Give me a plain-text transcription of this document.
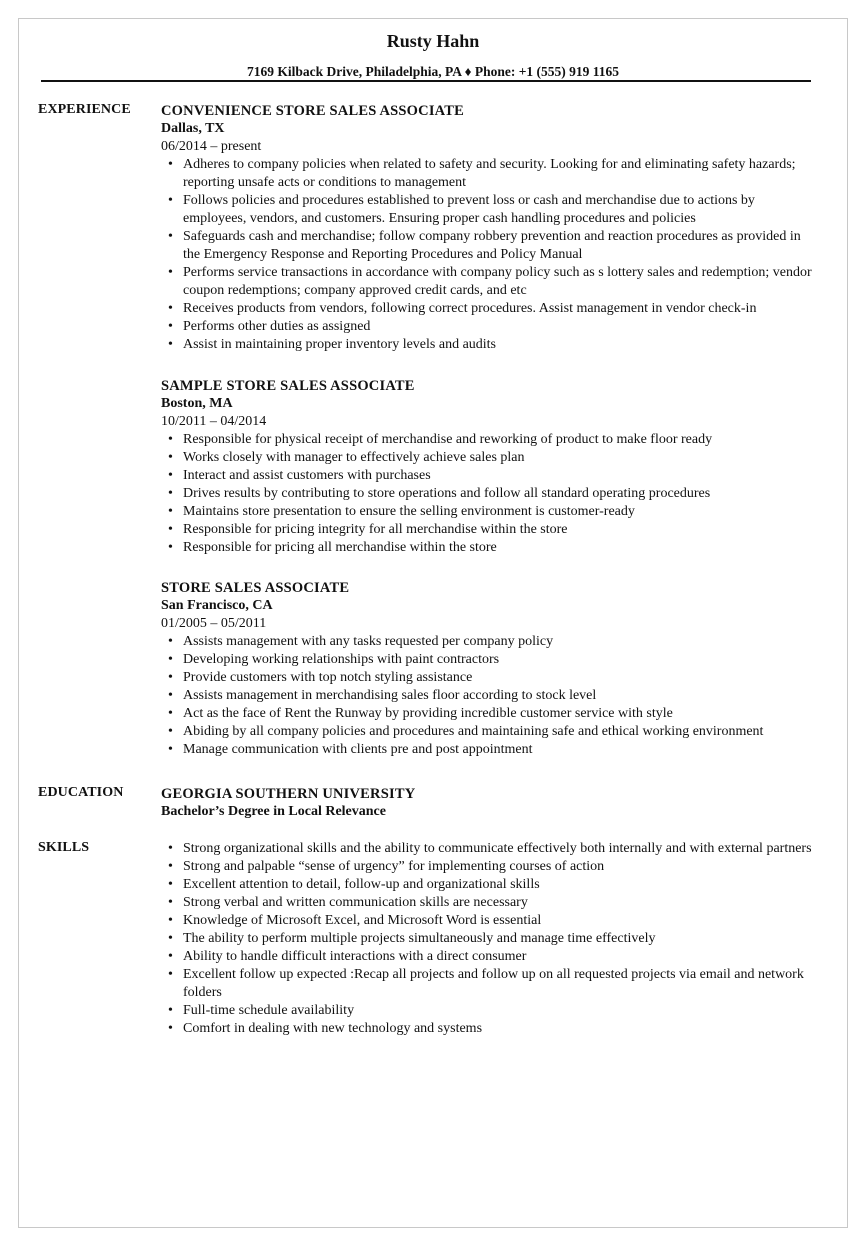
Rusty Hahn
7169 Kilback Drive, Philadelphia, PA ♦ Phone: +1 (555) 919 1165
EXPERIENCE CONVENIENCE STORE SALES ASSOCIATE
Dallas, TX
06/2014 – present
• Adheres to company policies when related to safety and security. Looking for and eliminating safety hazards; reporting unsafe acts or conditions to management
• Follows policies and procedures established to prevent loss or cash and merchandise due to actions by employees, vendors, and customers. Ensuring proper cash handling procedures and policies
• Safeguards cash and merchandise; follow company robbery prevention and reaction procedures as provided in the Emergency Response and Reporting Procedures and Policy Manual
• Performs service transactions in accordance with company policy such as s lottery sales and redemption; vendor coupon redemptions; company approved credit cards, and etc
• Receives products from vendors, following correct procedures. Assist management in vendor check-in
• Performs other duties as assigned
• Assist in maintaining proper inventory levels and audits
SAMPLE STORE SALES ASSOCIATE
Boston, MA
10/2011 – 04/2014
• Responsible for physical receipt of merchandise and reworking of product to make floor ready
• Works closely with manager to effectively achieve sales plan
• Interact and assist customers with purchases
• Drives results by contributing to store operations and follow all standard operating procedures
• Maintains store presentation to ensure the selling environment is customer-ready
• Responsible for pricing integrity for all merchandise within the store
• Responsible for pricing all merchandise within the store
STORE SALES ASSOCIATE
San Francisco, CA
01/2005 – 05/2011
• Assists management with any tasks requested per company policy
• Developing working relationships with paint contractors
• Provide customers with top notch styling assistance
• Assists management in merchandising sales floor according to stock level
• Act as the face of Rent the Runway by providing incredible customer service with style
• Abiding by all company policies and procedures and maintaining safe and ethical working environment
• Manage communication with clients pre and post appointment
EDUCATION	GEORGIA SOUTHERN UNIVERSITY
Bachelor’s Degree in Local Relevance
SKILLS
•	Strong organizational skills and the ability to communicate effectively both internally and with external partners
• Strong and palpable “sense of urgency” for implementing courses of action
• Excellent attention to detail, follow-up and organizational skills
• Strong verbal and written communication skills are necessary
• Knowledge of Microsoft Excel, and Microsoft Word is essential
• The ability to perform multiple projects simultaneously and manage time effectively
• Ability to handle difficult interactions with a direct consumer
• Excellent follow up expected :Recap all projects and follow up on all requested projects via email and network folders
• Full-time schedule availability
• Comfort in dealing with new technology and systems
